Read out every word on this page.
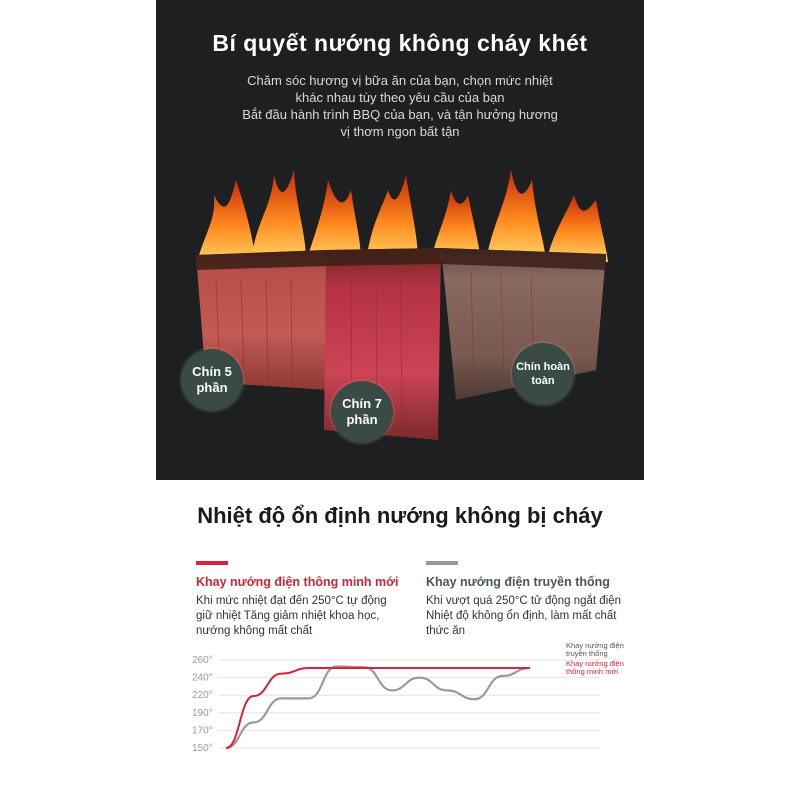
Bí quyết nướng không cháy khét
Chăm sóc hương vị bữa ăn của bạn, chọn mức nhiệt
khác nhau tùy theo yêu cầu của bạn
Bắt đầu hành trình BBQ của bạn, và tận hưởng hương
vị thơm ngon bất tận
Chín 5
phần
Chín 7
phần
Chín hoàn
toàn
Nhiệt độ ổn định nướng không bị cháy
Khay nướng điện thông minh mới
Khi mức nhiệt đạt đến 250°C tự động
giữ nhiệt Tăng giảm nhiệt khoa học,
nướng không mất chất
Khay nướng điện truyền thống
Khi vượt quá 250°C tử động ngắt điện
Nhiệt độ không ổn định, làm mất chất
thức ăn
260°
240°
220°
190°
170°
150°
Khay nướng điện
truyền thống
Khay nướng điện
thông minh mới
